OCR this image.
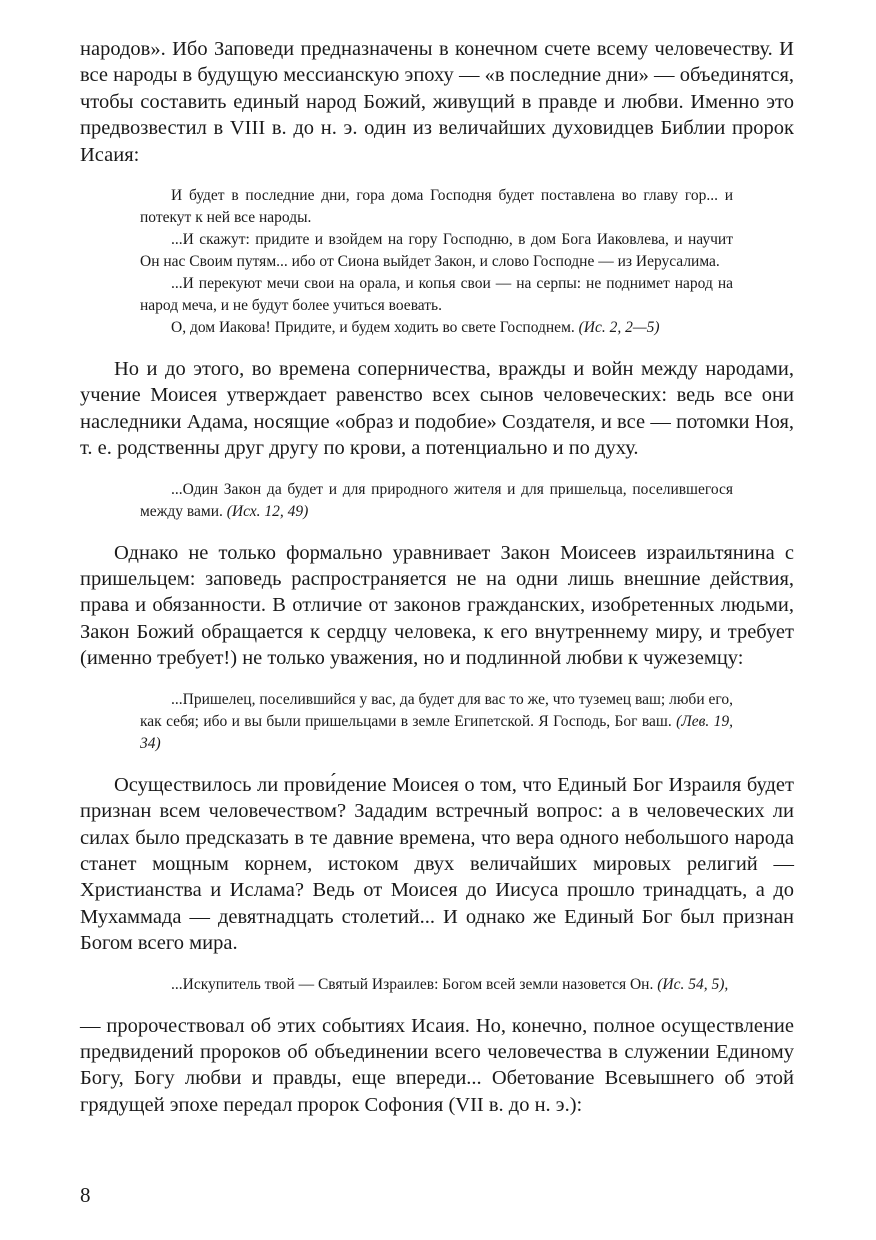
народов». Ибо Заповеди предназначены в конечном счете всему человечеству. И все народы в будущую мессианскую эпоху — «в последние дни» — объединятся, чтобы составить единый народ Божий, живущий в правде и любви. Именно это предвозвестил в VIII в. до н. э. один из величайших духовидцев Библии пророк Исаия:

И будет в последние дни, гора дома Господня будет поставлена во главу гор... и потекут к ней все народы.

...И скажут: придите и взойдем на гору Господню, в дом Бога Иаковлева, и научит Он нас Своим путям... ибо от Сиона выйдет Закон, и слово Господне — из Иерусалима.

...И перекуют мечи свои на орала, и копья свои — на серпы: не поднимет народ на народ меча, и не будут более учиться воевать.

О, дом Иакова! Придите, и будем ходить во свете Господнем. (Ис. 2, 2—5)

Но и до этого, во времена соперничества, вражды и войн между народами, учение Моисея утверждает равенство всех сынов человеческих: ведь все они наследники Адама, носящие «образ и подобие» Создателя, и все — потомки Ноя, т. е. родственны друг другу по крови, а потенциально и по духу.

...Один Закон да будет и для природного жителя и для пришельца, поселившегося между вами. (Исх. 12, 49)

Однако не только формально уравнивает Закон Моисеев израильтянина с пришельцем: заповедь распространяется не на одни лишь внешние действия, права и обязанности. В отличие от законов гражданских, изобретенных людьми, Закон Божий обращается к сердцу человека, к его внутреннему миру, и требует (именно требует!) не только уважения, но и подлинной любви к чужеземцу:

...Пришелец, поселившийся у вас, да будет для вас то же, что туземец ваш; люби его, как себя; ибо и вы были пришельцами в земле Египетской. Я Господь, Бог ваш. (Лев. 19, 34)

Осуществилось ли прови́дение Моисея о том, что Единый Бог Израиля будет признан всем человечеством? Зададим встречный вопрос: а в человеческих ли силах было предсказать в те давние времена, что вера одного небольшого народа станет мощным корнем, истоком двух величайших мировых религий — Христианства и Ислама? Ведь от Моисея до Иисуса прошло тринадцать, а до Мухаммада — девятнадцать столетий... И однако же Единый Бог был признан Богом всего мира.

...Искупитель твой — Святый Израилев: Богом всей земли назовется Он. (Ис. 54, 5),

— пророчествовал об этих событиях Исаия. Но, конечно, полное осуществление предвидений пророков об объединении всего человечества в служении Единому Богу, Богу любви и правды, еще впереди... Обетование Всевышнего об этой грядущей эпохе передал пророк Софония (VII в. до н. э.):

8
